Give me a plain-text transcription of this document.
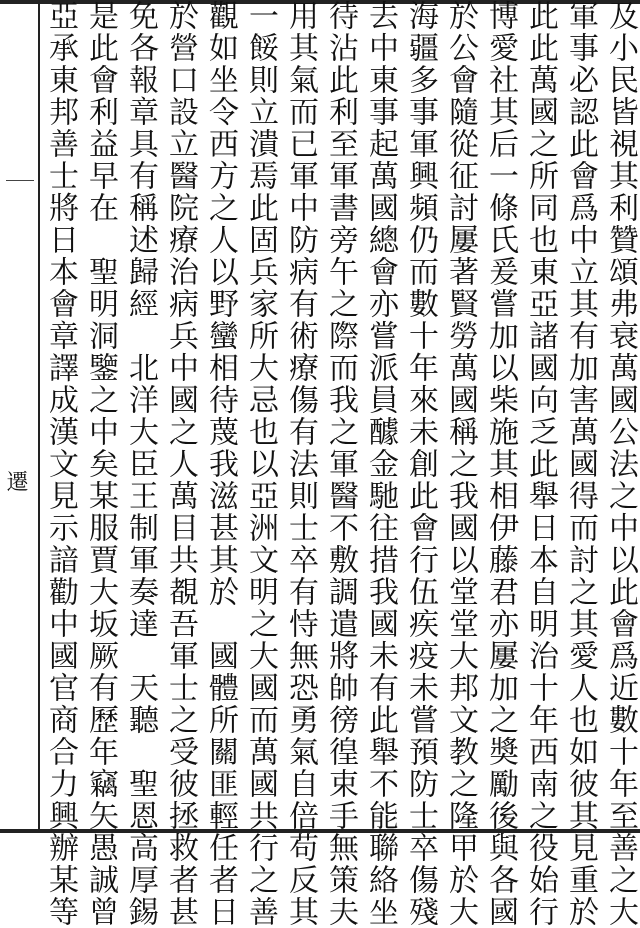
遷	及小民皆視其利贊頌弗衰萬國公法之中以此會爲近數十年至善之大
軍事必認此會爲中立其有加害萬國得而討之其愛人也如彼其見重於
此此萬國之所同也東亞諸國向乏此舉日本自明治十年西南之役始行
博愛社其后一條氏爰嘗加以柴施其相伊藤君亦屢加之奬勵後與各國
於公會隨從征討屢著賢勞萬國稱之我國以堂堂大邦文教之隆甲於大
海疆多事軍興頻仍而數十年來未創此會行伍疾疫未嘗預防士卒傷殘
去中東事起萬國總會亦嘗派員醵金馳往措我國未有此舉不能聯絡坐
待沾此利至軍書旁午之際而我之軍醫不敷調遣將帥徬徨束手無策夫
用其氣而已軍中防病有術療傷有法則士卒有恃無恐勇氣自倍苟反其
一餒則立潰焉此固兵家所大忌也以亞洲文明之大國而萬國共行之善
觀如坐令西方之人以野蠻相待蔑我滋甚其於　國體所關匪輕任者日
於營口設立醫院療治病兵中國之人萬目共覩吾軍士之受彼拯救者甚
免各報章具有稱述歸經　北洋大臣王制軍奏達　天聽　聖恩高厚錫
是此會利益早在　聖明洞鑒之中矣某服賈大坂厥有歷年竊矢愚誠曾
亞承東邦善士將日本會章譯成漢文見示諳勸中國官商合力興辦某等
